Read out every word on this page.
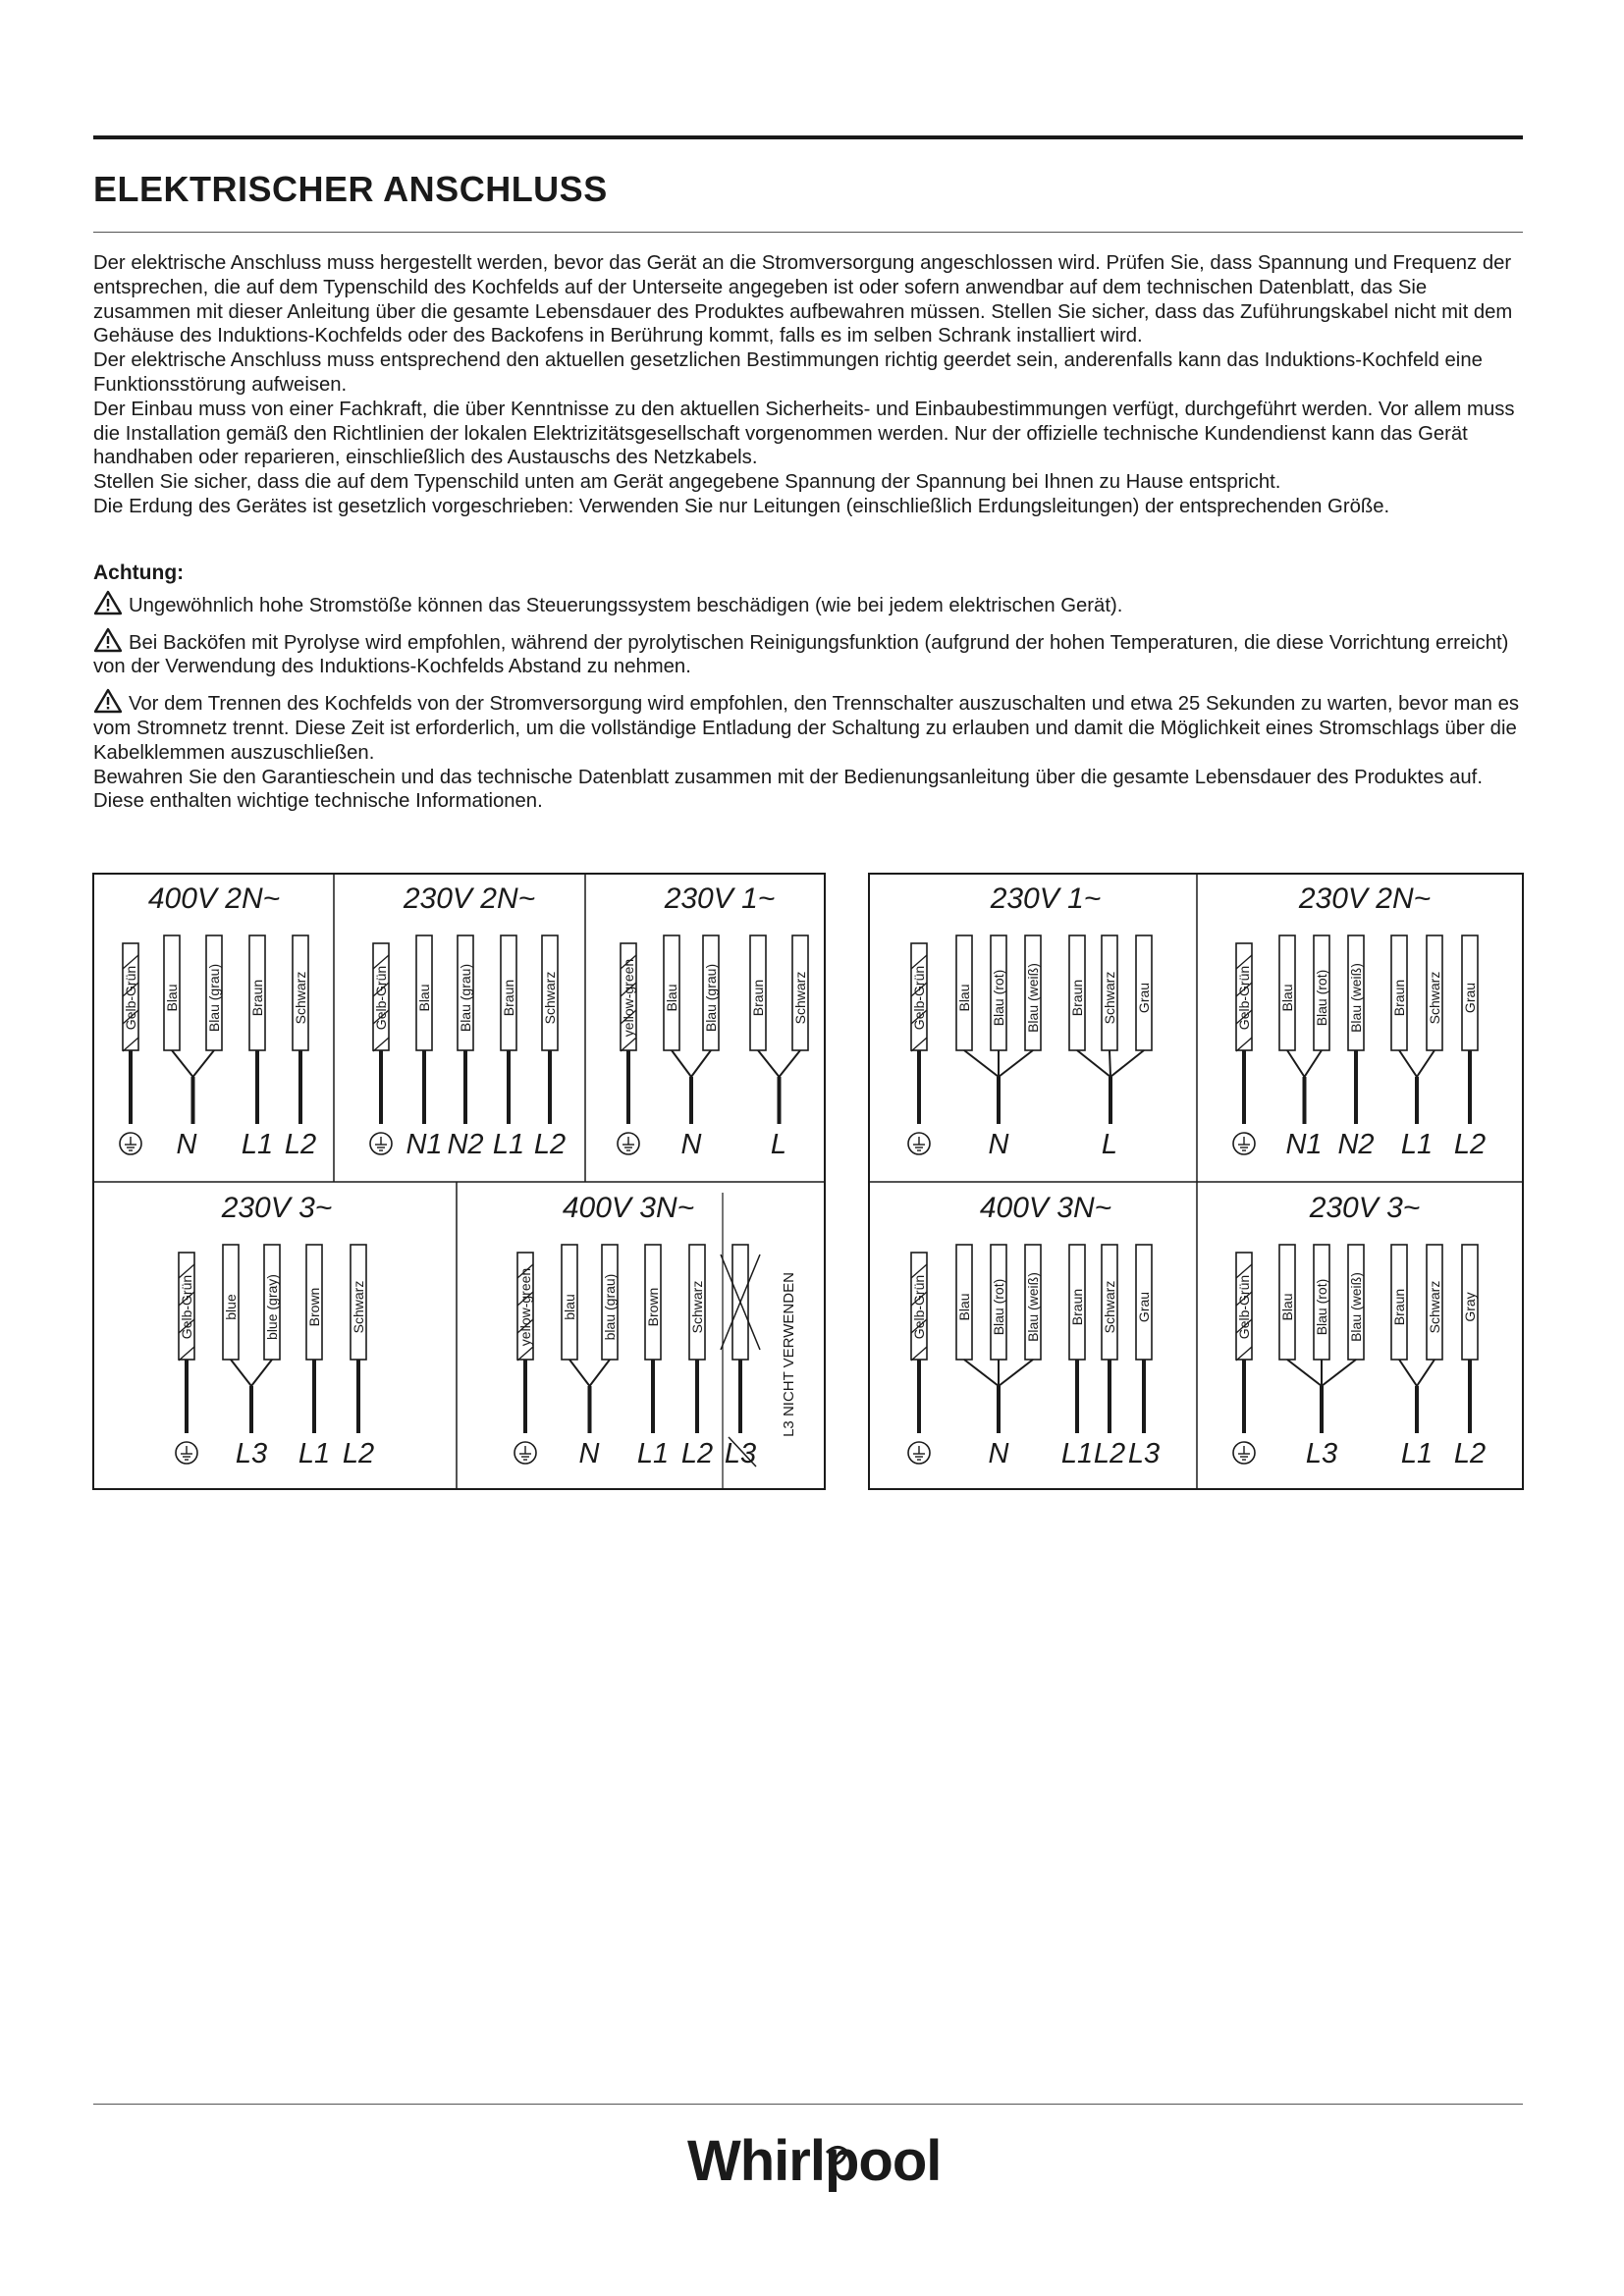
ELEKTRISCHER ANSCHLUSS

Der elektrische Anschluss muss hergestellt werden, bevor das Gerät an die Stromversorgung angeschlossen wird. Prüfen Sie, dass Spannung und Frequenz der entsprechen, die auf dem Typenschild des Kochfelds auf der Unterseite angegeben ist oder sofern anwendbar auf dem technischen Datenblatt, das Sie zusammen mit dieser Anleitung über die gesamte Lebensdauer des Produktes aufbewahren müssen. Stellen Sie sicher, dass das Zuführungskabel nicht mit dem Gehäuse des Induktions-Kochfelds oder des Backofens in Berührung kommt, falls es im selben Schrank installiert wird.

Der elektrische Anschluss muss entsprechend den aktuellen gesetzlichen Bestimmungen richtig geerdet sein, anderenfalls kann das Induktions-Kochfeld eine Funktionsstörung aufweisen.

Der Einbau muss von einer Fachkraft, die über Kenntnisse zu den aktuellen Sicherheits- und Einbaubestimmungen verfügt, durchgeführt werden. Vor allem muss die Installation gemäß den Richtlinien der lokalen Elektrizitätsgesellschaft vorgenommen werden. Nur der offizielle technische Kundendienst kann das Gerät handhaben oder reparieren, einschließlich des Austauschs des Netzkabels.

Stellen Sie sicher, dass die auf dem Typenschild unten am Gerät angegebene Spannung der Spannung bei Ihnen zu Hause entspricht.

Die Erdung des Gerätes ist gesetzlich vorgeschrieben: Verwenden Sie nur Leitungen (einschließlich Erdungsleitungen) der entsprechenden Größe.

Achtung:

Ungewöhnlich hohe Stromstöße können das Steuerungssystem beschädigen (wie bei jedem elektrischen Gerät).

Bei Backöfen mit Pyrolyse wird empfohlen, während der pyrolytischen Reinigungsfunktion (aufgrund der hohen Temperaturen, die diese Vorrichtung erreicht) von der Verwendung des Induktions-Kochfelds Abstand zu nehmen.

Vor dem Trennen des Kochfelds von der Stromversorgung wird empfohlen, den Trennschalter auszuschalten und etwa 25 Sekunden zu warten, bevor man es vom Stromnetz trennt. Diese Zeit ist erforderlich, um die vollständige Entladung der Schaltung zu erlauben und damit die Möglichkeit eines Stromschlags über die Kabelklemmen auszuschließen.

Bewahren Sie den Garantieschein und das technische Datenblatt zusammen mit der Bedienungsanleitung über die gesamte Lebensdauer des Produktes auf. Diese enthalten wichtige technische Informationen.

400V 2N~
Gelb-Grün Blau Blau (grau) Braun Schwarz
N L1 L2
230V 2N~
Gelb-Grün Blau Blau (grau) Braun Schwarz
N1 N2 L1 L2
230V 1~
yellow-green Blau Blau (grau) Braun Schwarz
N L
230V 3~
Gelb-Grün blue blue (gray) Brown Schwarz
L3 L1 L2
400V 3N~
yellow-green blau blau (grau) Brown Schwarz
N L1 L2 L3
L3 NICHT VERWENDEN
230V 1~
Gelb-Grün Blau Blau (rot) Blau (weiß) Braun Schwarz Grau
N	L
230V 2N~
Gelb-Grün Blau Blau (rot) Blau (weiß) Braun Schwarz Grau
N1 N2 L1 L2
400V 3N~
Gelb-Grün Blau Blau (rot) Blau (weiß) Braun Schwarz Grau
N L1 L2 L3
230V 3~
Gelb-Grün Blau Blau (rot) Blau (weiß) Braun Schwarz Gray
L3 L1 L2
Whirlpool
